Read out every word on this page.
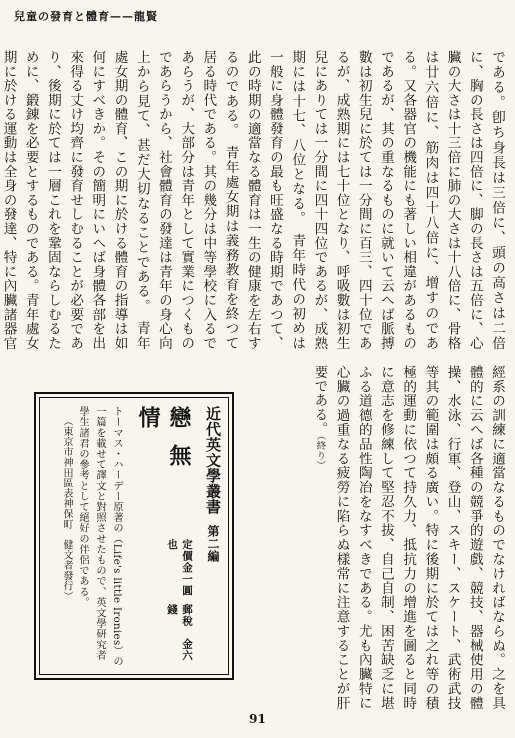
兒童の發育と體育——龍賢
である。卽ち身長は三倍に、頭の高さは二倍に、胸の長さは四倍に、脚の長さは五倍に、心臟の大さは十三倍に肺の大さは十八倍に、骨格は廿六倍に、筋肉は四十八倍に、增すのである。又各器官の機能にも著しい相違があるものであるが、其の重なるものに就いて云へば脈搏數は初生兒に於ては一分間に百三、四十位であるが、成熟期には七十位となり、呼吸數は初生兒にありては一分間に四十四位であるが、成熟期には十七、八位となる。　青年時代の初めは一般に身體發育の最も旺盛なる時期であつて、此の時期の適當なる體育は一生の健康を左右するのである。　青年處女期は義務教育を終つて居る時代である。其の幾分は中等學校に入るであらうが、大部分は青年として實業につくものであらうから、社會體育の發達は青年の身心向上から見て、甚だ大切なることである。　青年處女期の體育、この期に於ける體育の指導は如何にすべきか。その簡明にいへば身體各部を出來得る丈け均齊に發育せしむることが必要であり、後期に於ては一層これを鞏固ならしむるために、鍛錬を必要とするものである。青年處女期に於ける運動は全身の發達、特に內臟諸器官
經系の訓練に適當なるものでなければならぬ。之を具體的に云へば各種の競爭的遊戲、競技、器械使用の體操、水泳、行軍、登山、スキー、スケート、武術武技等其の範圍は頗る廣い。特に後期に於ては之れ等の積極的運動に依つて持久力、抵抗力の增進を圖ると同時に意志を修練して堅忍不拔、自己自制、困苦缺乏に堪ふる道德的品性陶冶をなすべきである。尤も內臟特に心臟の過重なる疲勞に陷らぬ樣常に注意することが肝要である。（終り）
近代英文學叢書第二編
戀無情
定價金一圓也
郵稅　金六錢
トーマス・ハーデー原著の（Life's little Ironies）の一篇を載せて譯文と對照させたもので、英文學研究者學生諸君の參考として絕好の伴侶である。
（東京市神田區表神保町　健文者發行）
91
